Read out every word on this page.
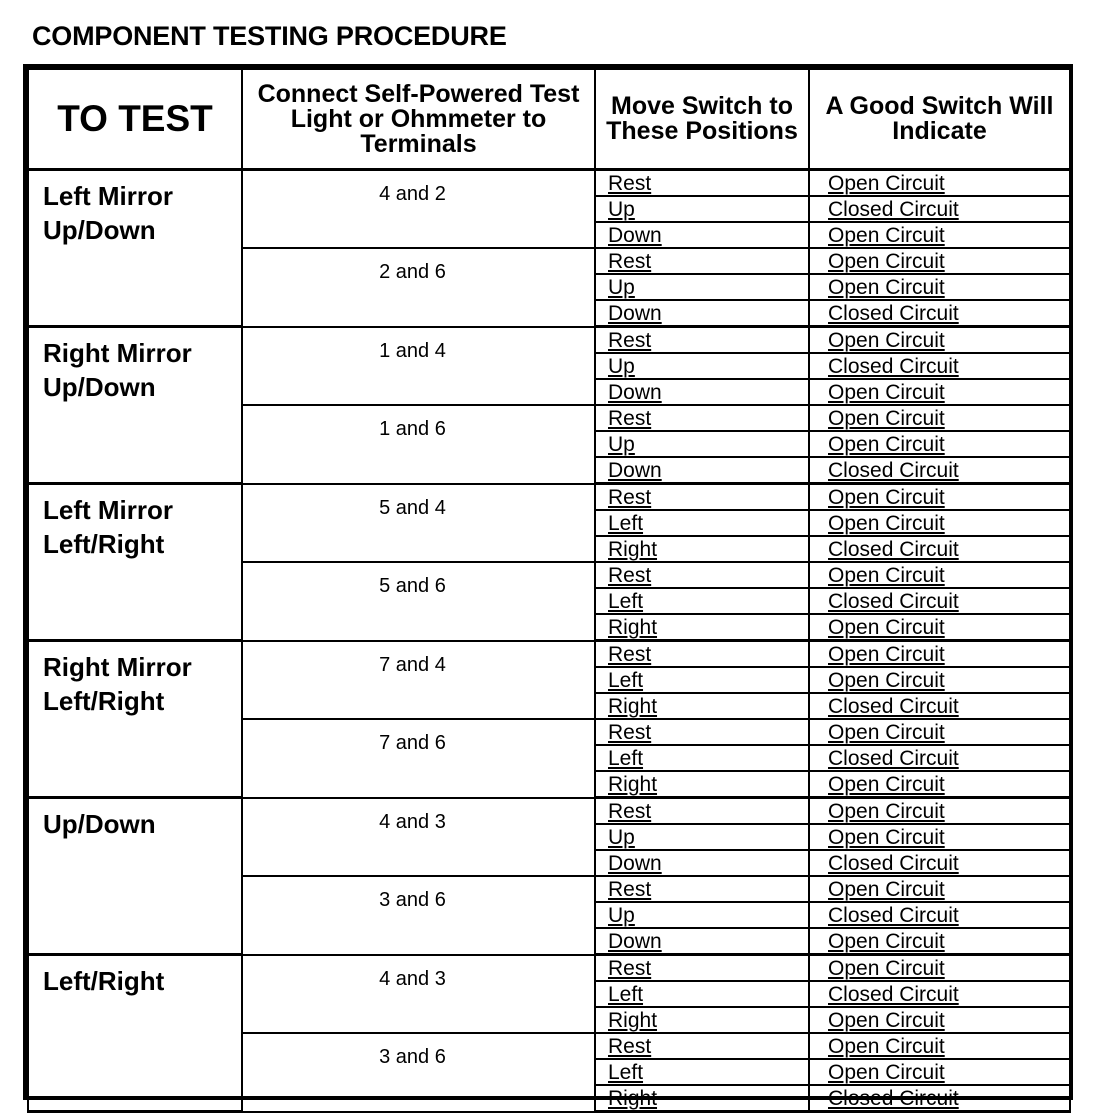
COMPONENT TESTING PROCEDURE
TO TEST	Connect Self-Powered Test Light or Ohmmeter to Terminals	Move Switch to These Positions	A Good Switch Will Indicate
Left Mirror Up/Down	4 and 2	Rest	Open Circuit
		Up	Closed Circuit
		Down	Open Circuit
	2 and 6	Rest	Open Circuit
		Up	Open Circuit
		Down	Closed Circuit
Right Mirror Up/Down	1 and 4	Rest	Open Circuit
		Up	Closed Circuit
		Down	Open Circuit
	1 and 6	Rest	Open Circuit
		Up	Open Circuit
		Down	Closed Circuit
Left Mirror Left/Right	5 and 4	Rest	Open Circuit
		Left	Open Circuit
		Right	Closed Circuit
	5 and 6	Rest	Open Circuit
		Left	Closed Circuit
		Right	Open Circuit
Right Mirror Left/Right	7 and 4	Rest	Open Circuit
		Left	Open Circuit
		Right	Closed Circuit
	7 and 6	Rest	Open Circuit
		Left	Closed Circuit
		Right	Open Circuit
Up/Down	4 and 3	Rest	Open Circuit
		Up	Open Circuit
		Down	Closed Circuit
	3 and 6	Rest	Open Circuit
		Up	Closed Circuit
		Down	Open Circuit
Left/Right	4 and 3	Rest	Open Circuit
		Left	Closed Circuit
		Right	Open Circuit
	3 and 6	Rest	Open Circuit
		Left	Open Circuit
		Right	Closed Circuit
